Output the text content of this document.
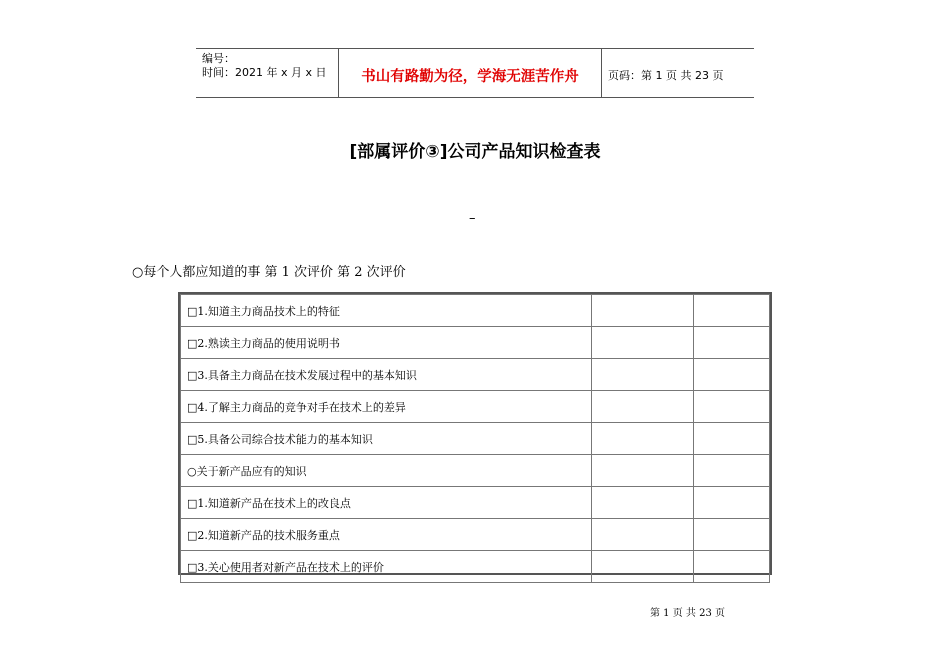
编号：
时间：2021 年 x 月 x 日	书山有路勤为径，学海无涯苦作舟	页码：第 1 页 共 23 页
[部属评价③]公司产品知识检查表
–
○每个人都应知道的事 第 1 次评价 第 2 次评价
□1.知道主力商品技术上的特征		
□2.熟读主力商品的使用说明书		
□3.具备主力商品在技术发展过程中的基本知识		
□4.了解主力商品的竞争对手在技术上的差异		
□5.具备公司综合技术能力的基本知识		
○关于新产品应有的知识		
□1.知道新产品在技术上的改良点		
□2.知道新产品的技术服务重点		
□3.关心使用者对新产品在技术上的评价		
第 1 页 共 23 页
